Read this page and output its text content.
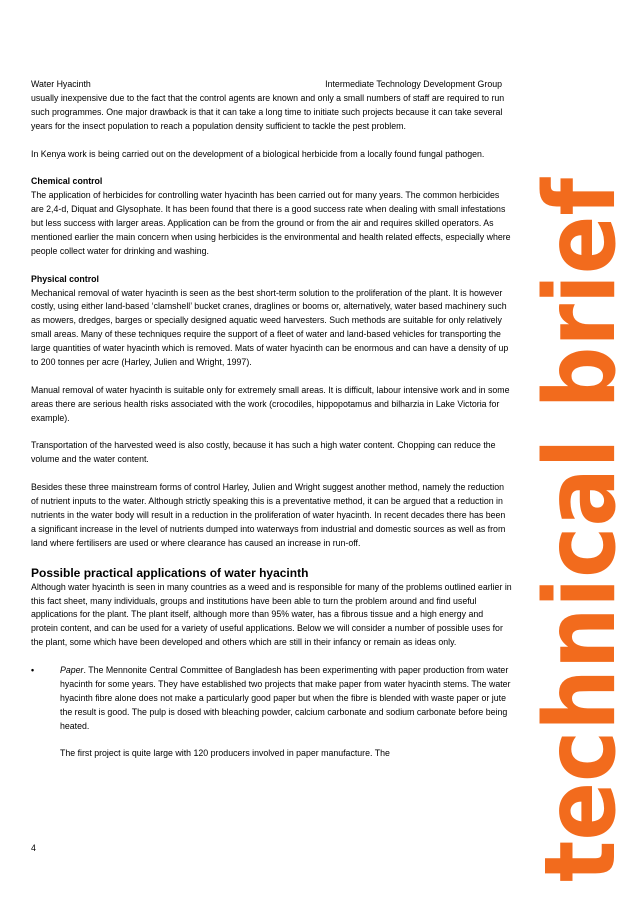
Water Hyacinth	Intermediate Technology Development Group

usually inexpensive due to the fact that the control agents are known and only a small numbers of staff are required to run such programmes. One major drawback is that it can take a long time to initiate such projects because it can take several years for the insect population to reach a population density sufficient to tackle the pest problem.

In Kenya work is being carried out on the development of a biological herbicide from a locally found fungal pathogen.

Chemical control

The application of herbicides for controlling water hyacinth has been carried out for many years. The common herbicides are 2,4-d, Diquat and Glysophate. It has been found that there is a good success rate when dealing with small infestations but less success with larger areas. Application can be from the ground or from the air and requires skilled operators. As mentioned earlier the main concern when using herbicides is the environmental and health related effects, especially where people collect water for drinking and washing.

Physical control

Mechanical removal of water hyacinth is seen as the best short-term solution to the proliferation of the plant. It is however costly, using either land-based ‘clamshell’ bucket cranes, draglines or booms or, alternatively, water based machinery such as mowers, dredges, barges or specially designed aquatic weed harvesters. Such methods are suitable for only relatively small areas. Many of these techniques require the support of a fleet of water and land-based vehicles for transporting the large quantities of water hyacinth which is removed. Mats of water hyacinth can be enormous and can have a density of up to 200 tonnes per acre (Harley, Julien and Wright, 1997).

Manual removal of water hyacinth is suitable only for extremely small areas. It is difficult, labour intensive work and in some areas there are serious health risks associated with the work (crocodiles, hippopotamus and bilharzia in Lake Victoria for example).

Transportation of the harvested weed is also costly, because it has such a high water content. Chopping can reduce the volume and the water content.

Besides these three mainstream forms of control Harley, Julien and Wright suggest another method, namely the reduction of nutrient inputs to the water. Although strictly speaking this is a preventative method, it can be argued that a reduction in nutrients in the water body will result in a reduction in the proliferation of water hyacinth. In recent decades there has been a significant increase in the level of nutrients dumped into waterways from industrial and domestic sources as well as from land where fertilisers are used or where clearance has caused an increase in run-off.

Possible practical applications of water hyacinth

Although water hyacinth is seen in many countries as a weed and is responsible for many of the problems outlined earlier in this fact sheet, many individuals, groups and institutions have been able to turn the problem around and find useful applications for the plant. The plant itself, although more than 95% water, has a fibrous tissue and a high energy and protein content, and can be used for a variety of useful applications. Below we will consider a number of possible uses for the plant, some which have been developed and others which are still in their infancy or remain as ideas only.

•	Paper. The Mennonite Central Committee of Bangladesh has been experimenting with paper production from water hyacinth for some years. They have established two projects that make paper from water hyacinth stems. The water hyacinth fibre alone does not make a particularly good paper but when the fibre is blended with waste paper or jute the result is good. The pulp is dosed with bleaching powder, calcium carbonate and sodium carbonate before being heated.

The first project is quite large with 120 producers involved in paper manufacture. The

4	technical brief
